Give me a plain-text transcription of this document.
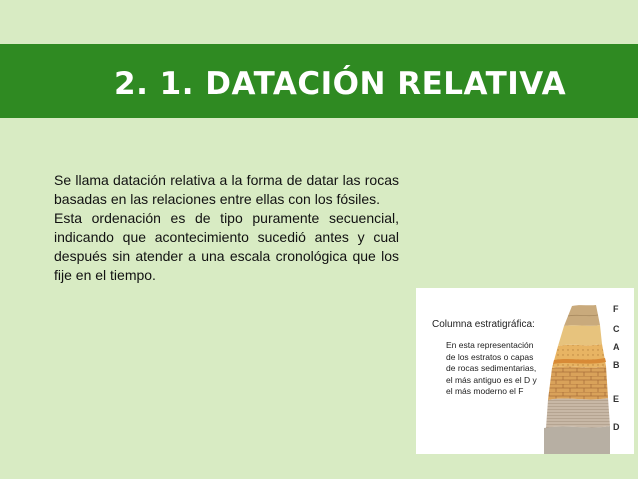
2. 1. DATACIÓN RELATIVA

Se llama datación relativa a la forma de datar las rocas basadas en las relaciones entre ellas con los fósiles.

Esta ordenación es de tipo puramente secuencial, indicando que acontecimiento sucedió antes y cual después sin atender a una escala cronológica que los fije en el tiempo.

Columna estratigráfica:
En esta representación
de los estratos o capas
de rocas sedimentarias,
el más antiguo es el D y
el más moderno el F
F
C
A
B
E
D
